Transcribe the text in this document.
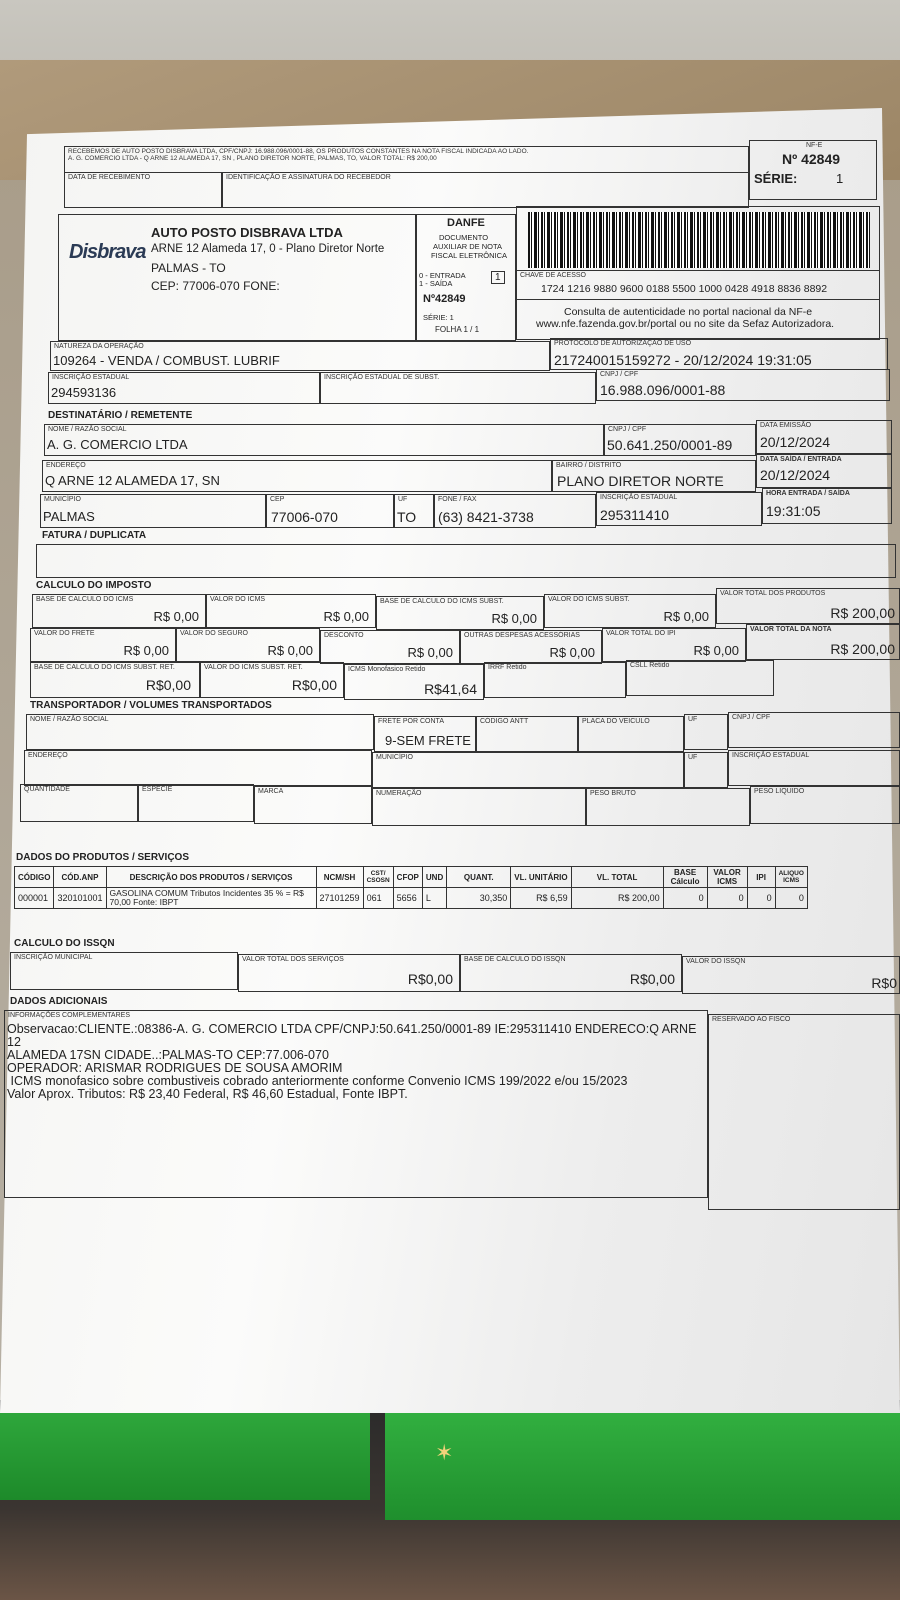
✶
RECEBEMOS DE AUTO POSTO DISBRAVA LTDA, CPF/CNPJ: 16.988.096/0001-88, OS PRODUTOS CONSTANTES NA NOTA FISCAL INDICADA AO LADO.
A. G. COMERCIO LTDA - Q ARNE 12 ALAMEDA 17, SN , PLANO DIRETOR NORTE, PALMAS, TO, VALOR TOTAL: R$ 200,00
DATA DE RECEBIMENTO	IDENTIFICAÇÃO E ASSINATURA DO RECEBEDOR
NF-E
Nº 42849
SÉRIE:	1
Disbrava
AUTO POSTO DISBRAVA LTDA
ARNE 12 Alameda 17, 0 - Plano Diretor Norte
PALMAS - TO
CEP: 77006-070 FONE:
DANFE
DOCUMENTO
AUXILIAR DE NOTA
FISCAL ELETRÔNICA
0 - ENTRADA
1 - SAÍDA
1
Nº42849
SÉRIE: 1
FOLHA 1 / 1
CHAVE DE ACESSO
1724 1216 9880 9600 0188 5500 1000 0428 4918 8836 8892
Consulta de autenticidade no portal nacional da NF-e
www.nfe.fazenda.gov.br/portal ou no site da Sefaz Autorizadora.
NATUREZA DA OPERAÇÃO
109264 - VENDA / COMBUST. LUBRIF
PROTOCOLO DE AUTORIZAÇÃO DE USO
217240015159272 - 20/12/2024 19:31:05
INSCRIÇÃO ESTADUAL
294593136
INSCRIÇÃO ESTADUAL DE SUBST.	CNPJ / CPF
16.988.096/0001-88
DESTINATÁRIO / REMETENTE
NOME / RAZÃO SOCIAL
A. G. COMERCIO LTDA
CNPJ / CPF
50.641.250/0001-89
DATA EMISSÃO
20/12/2024
ENDEREÇO
Q ARNE 12 ALAMEDA 17, SN
BAIRRO / DISTRITO
PLANO DIRETOR NORTE
DATA SAÍDA / ENTRADA
20/12/2024
MUNICÍPIO
PALMAS
CEP
77006-070
UF
TO
FONE / FAX
(63) 8421-3738
INSCRIÇÃO ESTADUAL
295311410
HORA ENTRADA / SAÍDA
19:31:05
FATURA / DUPLICATA
CALCULO DO IMPOSTO
BASE DE CALCULO DO ICMS
R$ 0,00
VALOR DO ICMS
R$ 0,00
BASE DE CALCULO DO ICMS SUBST.
R$ 0,00
VALOR DO ICMS SUBST.
R$ 0,00
VALOR TOTAL DOS PRODUTOS
R$ 200,00
VALOR DO FRETE
R$ 0,00
VALOR DO SEGURO
R$ 0,00
DESCONTO
R$ 0,00
OUTRAS DESPESAS ACESSÓRIAS
R$ 0,00
VALOR TOTAL DO IPI
R$ 0,00
VALOR TOTAL DA NOTA
R$ 200,00
BASE DE CALCULO DO ICMS SUBST. RET.
R$0,00
VALOR DO ICMS SUBST. RET.
R$0,00
ICMS Monofasico Retido
R$41,64
IRRF Retido	CSLL Retido
TRANSPORTADOR / VOLUMES TRANSPORTADOS
NOME / RAZÃO SOCIAL	FRETE POR CONTA
9-SEM FRETE
CÓDIGO ANTT	PLACA DO VEICULO	UF	CNPJ / CPF
ENDEREÇO	MUNICÍPIO	UF	INSCRIÇÃO ESTADUAL
QUANTIDADE	ESPÉCIE	MARCA	NUMERAÇÃO	PESO BRUTO	PESO LIQUIDO
DADOS DO PRODUTOS / SERVIÇOS
CÓDIGO	CÓD.ANP	DESCRIÇÃO DOS PRODUTOS / SERVIÇOS	NCM/SH	CST/ CSOSN	CFOP	UND	QUANT.	VL. UNITÁRIO	VL. TOTAL	BASE Cálculo	VALOR ICMS	IPI	ALIQUO ICMS
000001	320101001	GASOLINA COMUM Tributos Incidentes 35 % = R$ 70,00 Fonte: IBPT	27101259	061	5656	L	30,350	R$ 6,59	R$ 200,00	0	0	0	0
CALCULO DO ISSQN
INSCRIÇÃO MUNICIPAL	VALOR TOTAL DOS SERVIÇOS
R$0,00
BASE DE CALCULO DO ISSQN
R$0,00
VALOR DO ISSQN
R$0
DADOS ADICIONAIS
INFORMAÇÕES COMPLEMENTARES
Observacao:CLIENTE.:08386-A. G. COMERCIO LTDA CPF/CNPJ:50.641.250/0001-89 IE:295311410 ENDERECO:Q ARNE 12
ALAMEDA 17SN CIDADE..:PALMAS-TO CEP:77.006-070
OPERADOR: ARISMAR RODRIGUES DE SOUSA AMORIM
ICMS monofasico sobre combustiveis cobrado anteriormente conforme Convenio ICMS 199/2022 e/ou 15/2023
Valor Aprox. Tributos: R$ 23,40 Federal, R$ 46,60 Estadual, Fonte IBPT.
RESERVADO AO FISCO
